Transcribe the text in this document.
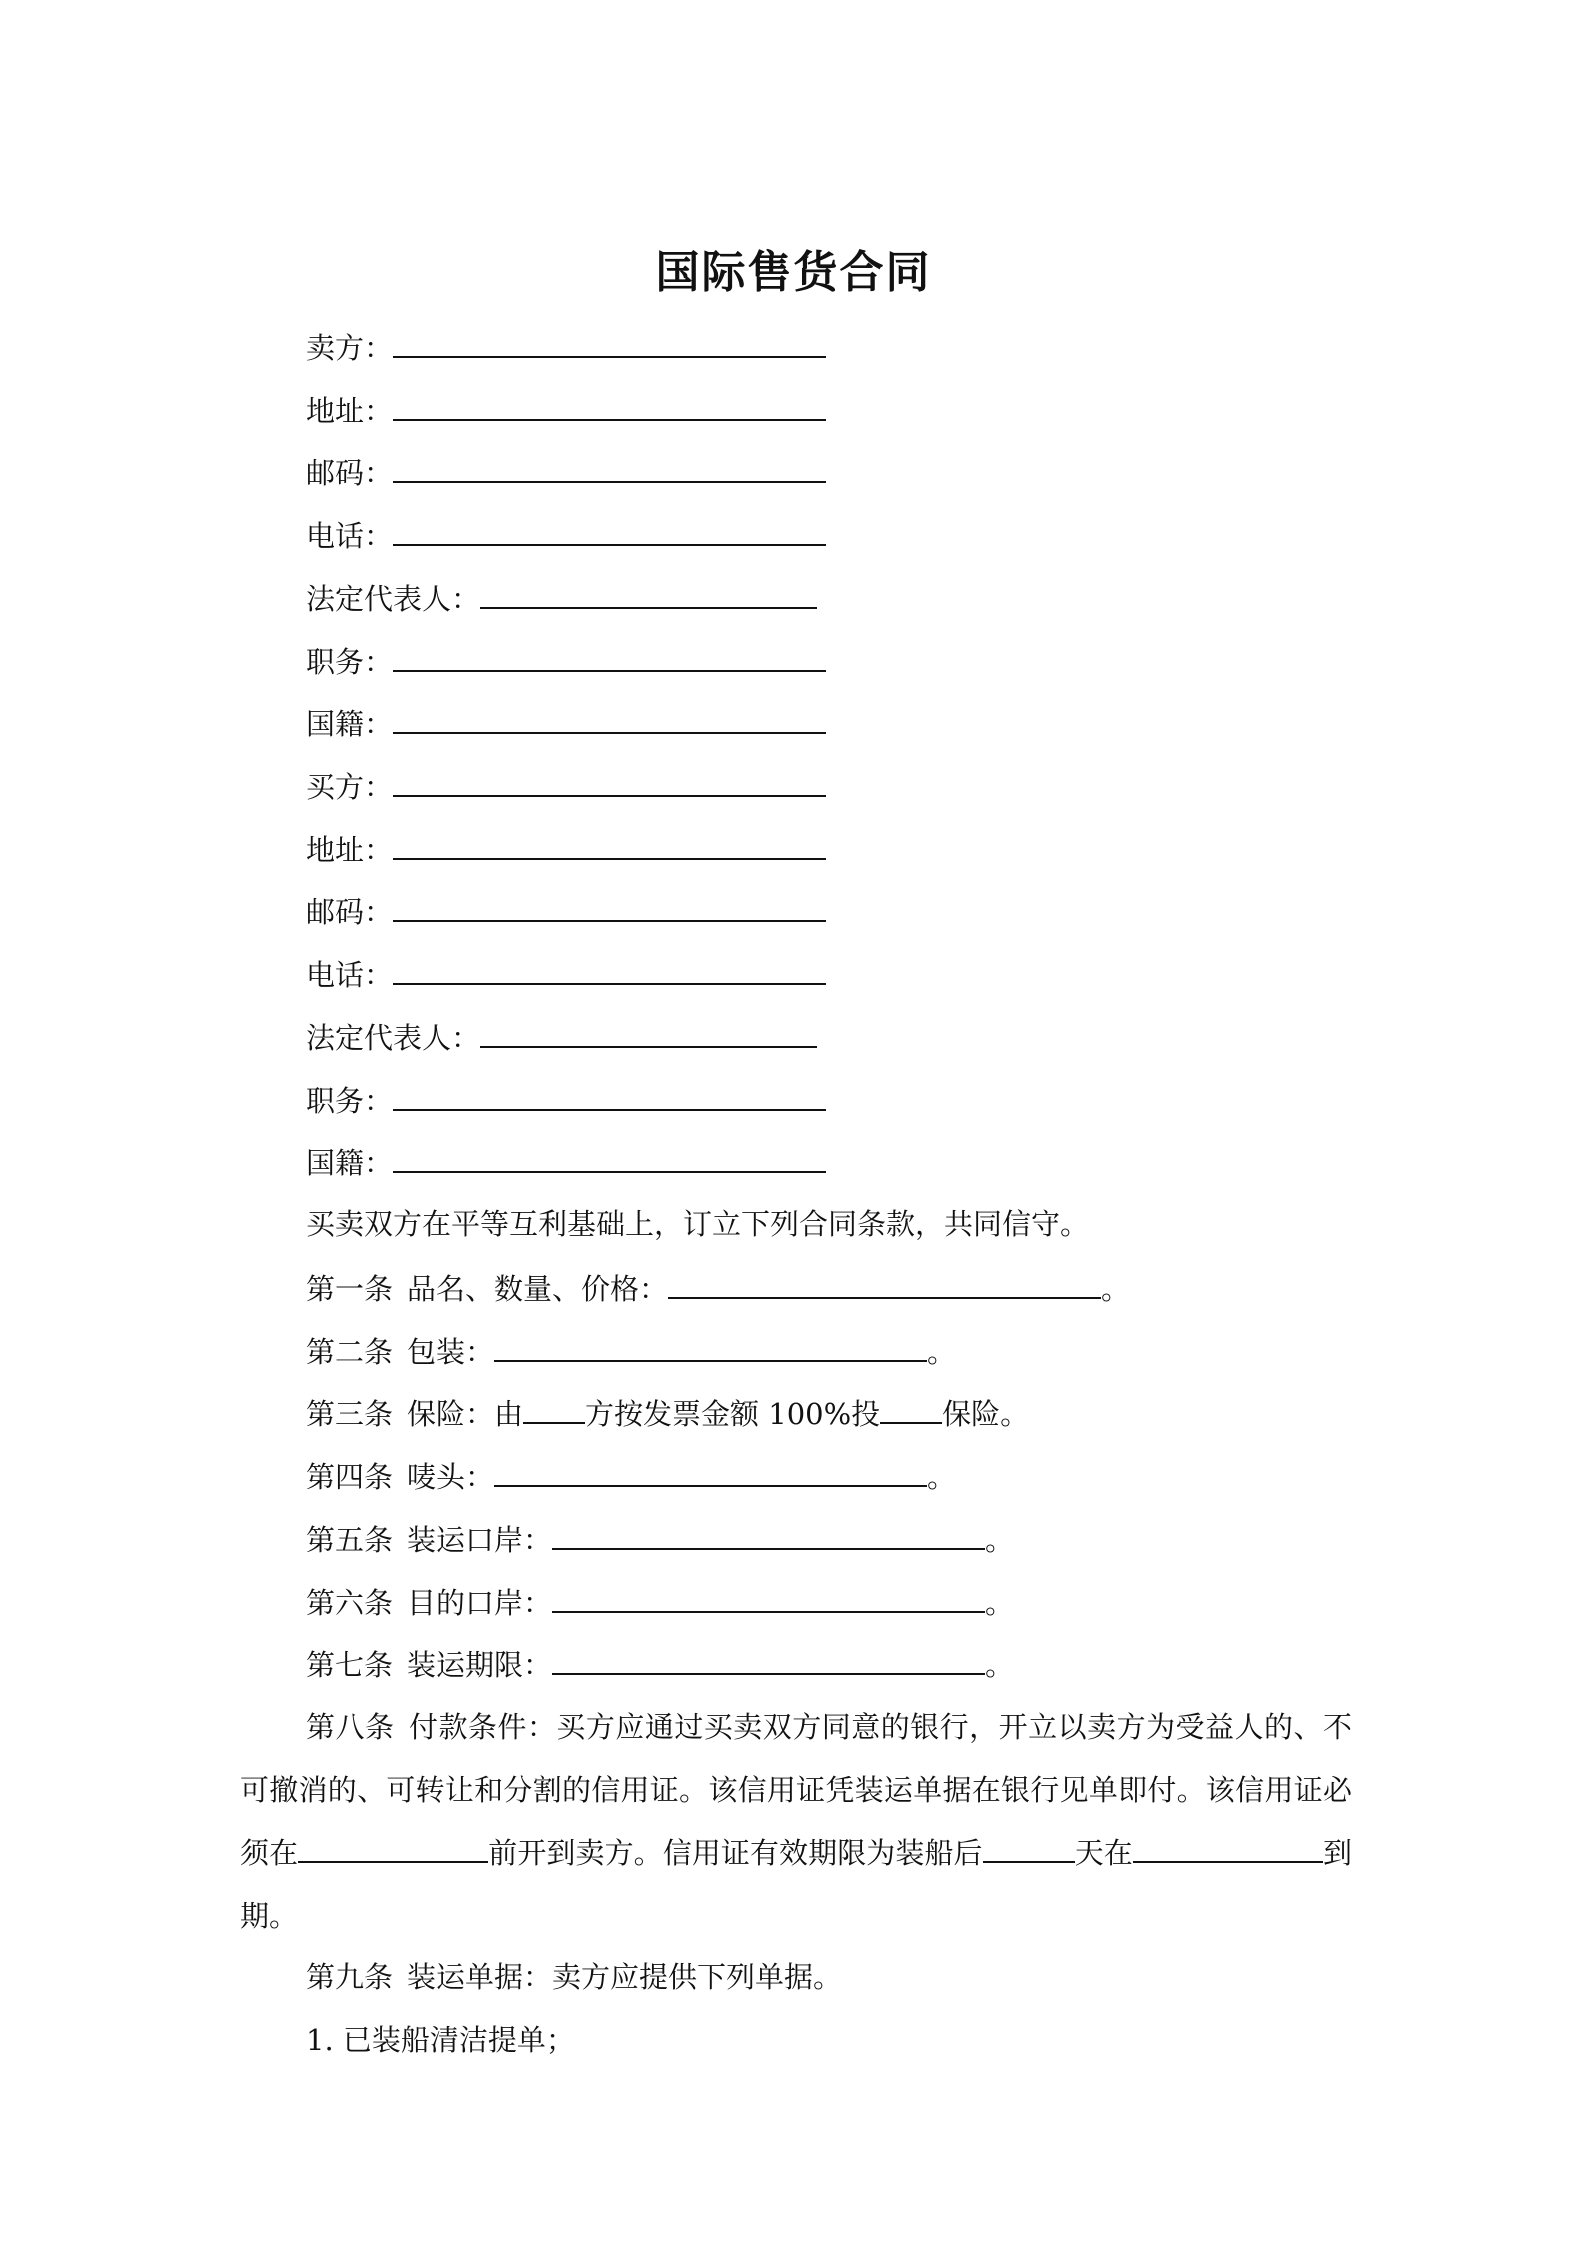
国际售货合同
卖方：
地址：
邮码：
电话：
法定代表人：
职务：
国籍：
买方：
地址：
邮码：
电话：
法定代表人：
职务：
国籍：
买卖双方在平等互利基础上，订立下列合同条款，共同信守。
第一条 品名、数量、价格：	。
第二条 包装：	。
第三条 保险：由 方按发票金额 100%投 保险。
第四条 唛头：	。
第五条 装运口岸：	。
第六条 目的口岸：	。
第七条 装运期限：	。
第八条 付款条件：买方应通过买卖双方同意的银行，开立以卖方为受益人的、不可撤消的、可转让和分割的信用证。该信用证凭装运单据在银行见单即付。该信用证必须在	前开到卖方。信用证有效期限为装船后	天在	到期。
第九条 装运单据：卖方应提供下列单据。
1. 已装船清洁提单；
